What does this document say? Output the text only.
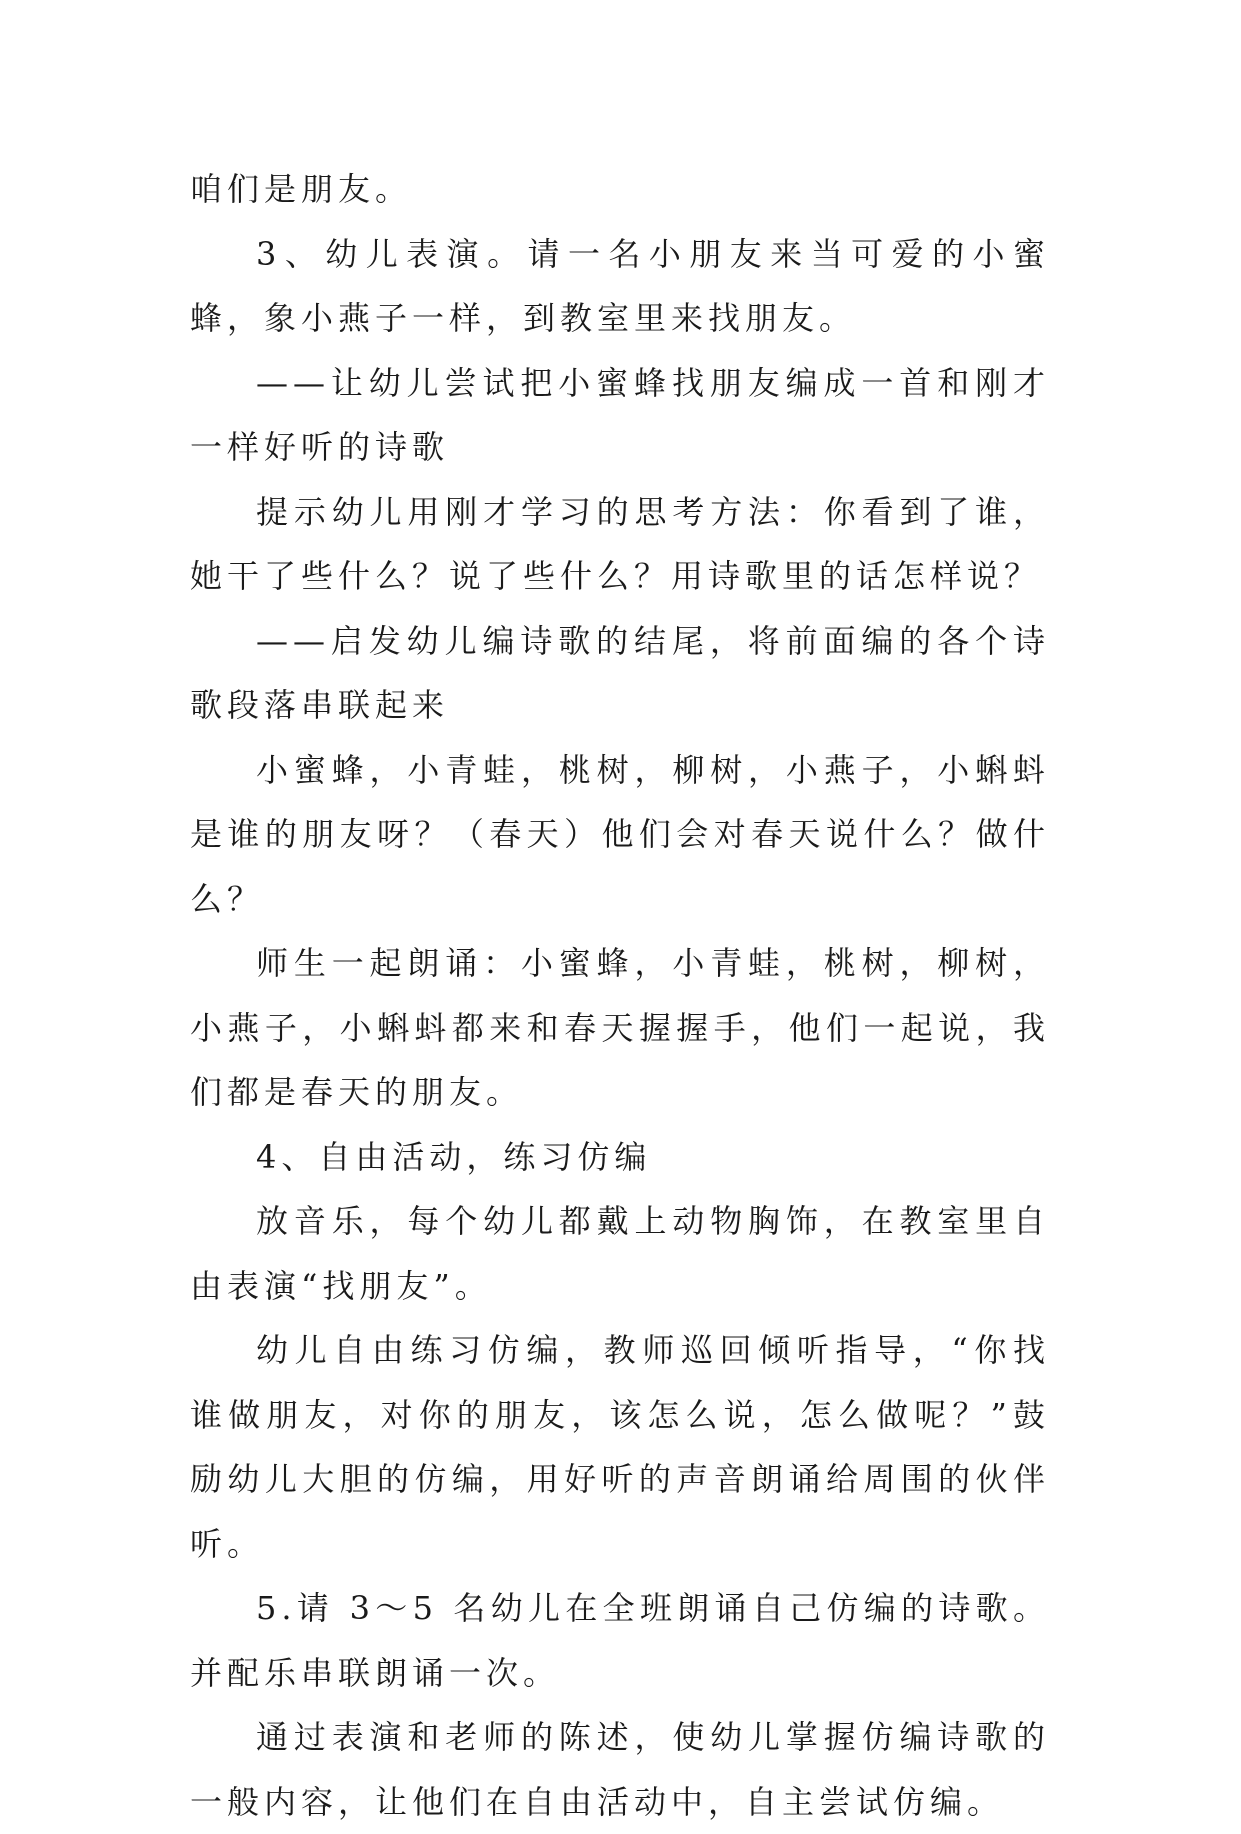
咱们是朋友。

3、幼儿表演。请一名小朋友来当可爱的小蜜蜂，象小燕子一样，到教室里来找朋友。

——让幼儿尝试把小蜜蜂找朋友编成一首和刚才一样好听的诗歌

提示幼儿用刚才学习的思考方法：你看到了谁，她干了些什么？说了些什么？用诗歌里的话怎样说？

——启发幼儿编诗歌的结尾，将前面编的各个诗歌段落串联起来

小蜜蜂，小青蛙，桃树，柳树，小燕子，小蝌蚪是谁的朋友呀？（春天）他们会对春天说什么？做什么？

师生一起朗诵：小蜜蜂，小青蛙，桃树，柳树，小燕子，小蝌蚪都来和春天握握手，他们一起说，我们都是春天的朋友。

4、自由活动，练习仿编

放音乐，每个幼儿都戴上动物胸饰，在教室里自由表演“找朋友”。

幼儿自由练习仿编，教师巡回倾听指导，“你找谁做朋友，对你的朋友，该怎么说，怎么做呢？”鼓励幼儿大胆的仿编，用好听的声音朗诵给周围的伙伴听。

5.请 3～5 名幼儿在全班朗诵自己仿编的诗歌。并配乐串联朗诵一次。

通过表演和老师的陈述，使幼儿掌握仿编诗歌的一般内容，让他们在自由活动中，自主尝试仿编。
